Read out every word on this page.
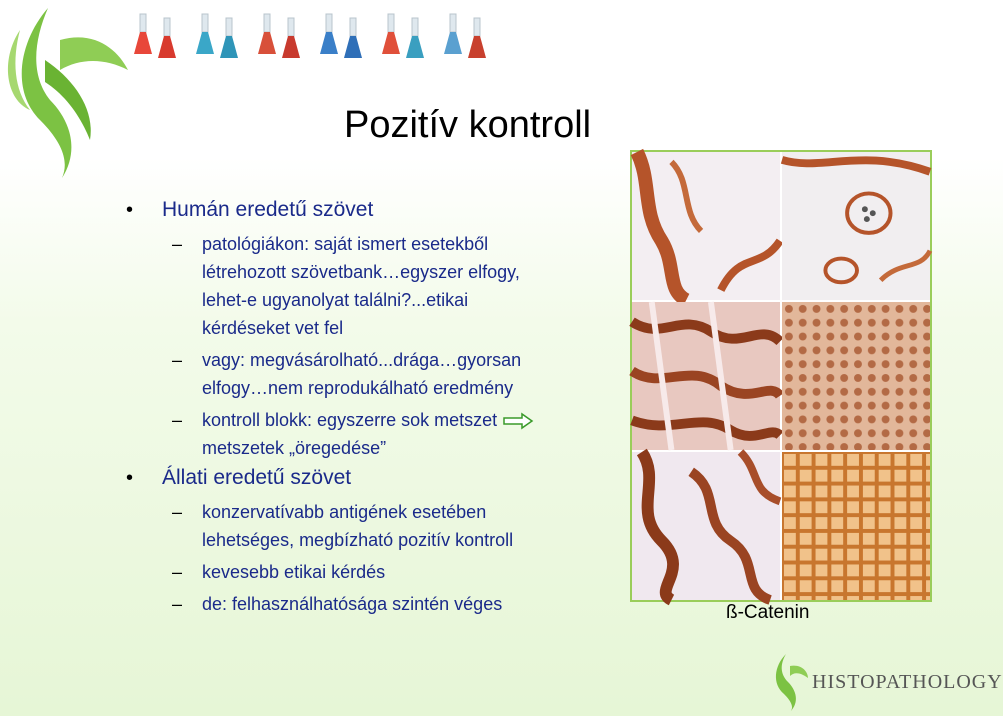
Pozitív kontroll

• Humán eredetű szövet

– patológiákon: saját ismert esetekből
létrehozott szövetbank…egyszer elfogy,
lehet-e ugyanolyat találni?...etikai
kérdéseket vet fel

– vagy: megvásárolható...drága…gyorsan
elfogy…nem reprodukálható eredmény

– kontroll blokk: egyszerre sok metszet
metszetek „öregedése”

• Állati eredetű szövet

– konzervatívabb antigének esetében
lehetséges, megbízható pozitív kontroll

– kevesebb etikai kérdés

– de: felhasználhatósága szintén véges	ß-Catenin
HISTOPATHOLOGY
